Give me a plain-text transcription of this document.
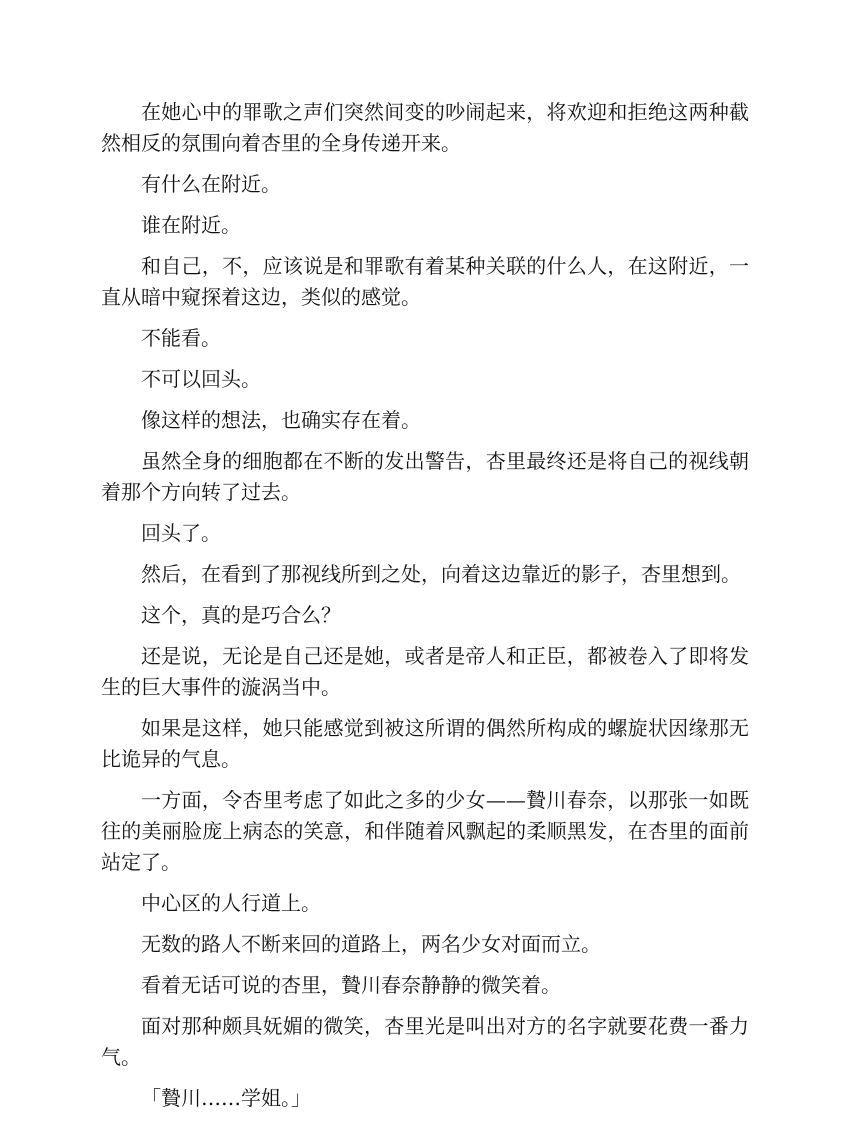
在她心中的罪歌之声们突然间变的吵闹起来，将欢迎和拒绝这两种截然相反的氛围向着杏里的全身传递开来。

有什么在附近。

谁在附近。

和自己，不，应该说是和罪歌有着某种关联的什么人，在这附近，一直从暗中窥探着这边，类似的感觉。

不能看。

不可以回头。

像这样的想法，也确实存在着。

虽然全身的细胞都在不断的发出警告，杏里最终还是将自己的视线朝着那个方向转了过去。

回头了。

然后，在看到了那视线所到之处，向着这边靠近的影子，杏里想到。

这个，真的是巧合么？

还是说，无论是自己还是她，或者是帝人和正臣，都被卷入了即将发生的巨大事件的漩涡当中。

如果是这样，她只能感觉到被这所谓的偶然所构成的螺旋状因缘那无比诡异的气息。

一方面，令杏里考虑了如此之多的少女——贄川春奈，以那张一如既往的美丽脸庞上病态的笑意，和伴随着风飘起的柔顺黑发，在杏里的面前站定了。

中心区的人行道上。

无数的路人不断来回的道路上，两名少女对面而立。

看着无话可说的杏里，贄川春奈静静的微笑着。

面对那种颇具妩媚的微笑，杏里光是叫出对方的名字就要花费一番力气。

「贄川……学姐。」
